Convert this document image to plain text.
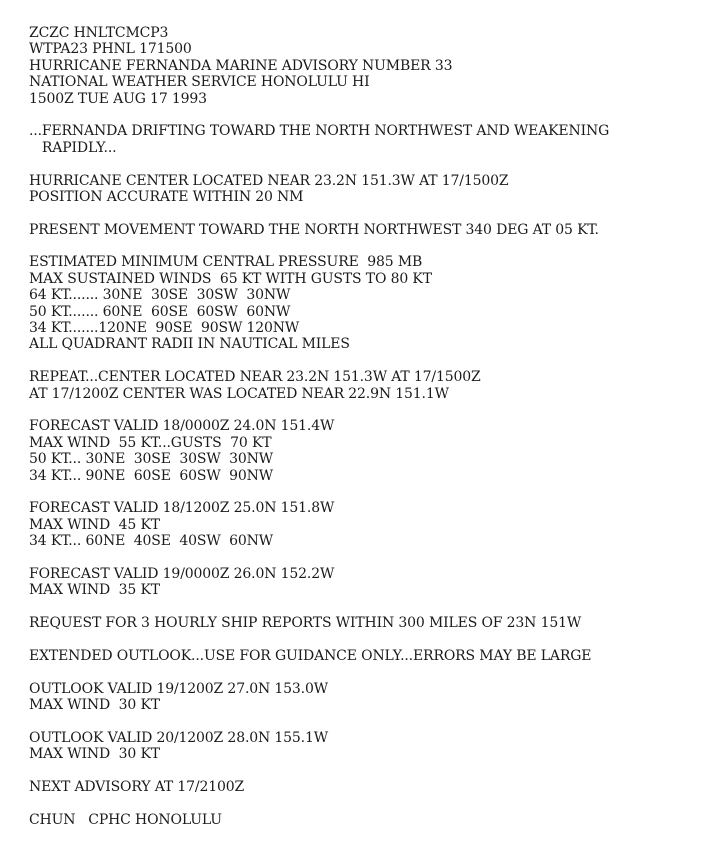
ZCZC HNLTCMCP3
WTPA23 PHNL 171500
HURRICANE FERNANDA MARINE ADVISORY NUMBER 33
NATIONAL WEATHER SERVICE HONOLULU HI
1500Z TUE AUG 17 1993
...FERNANDA DRIFTING TOWARD THE NORTH NORTHWEST AND WEAKENING
RAPIDLY...
HURRICANE CENTER LOCATED NEAR 23.2N 151.3W AT 17/1500Z
POSITION ACCURATE WITHIN 20 NM
PRESENT MOVEMENT TOWARD THE NORTH NORTHWEST 340 DEG AT 05 KT.
ESTIMATED MINIMUM CENTRAL PRESSURE  985 MB
MAX SUSTAINED WINDS  65 KT WITH GUSTS TO 80 KT
64 KT....... 30NE  30SE  30SW  30NW
50 KT....... 60NE  60SE  60SW  60NW
34 KT.......120NE  90SE  90SW 120NW
ALL QUADRANT RADII IN NAUTICAL MILES
REPEAT...CENTER LOCATED NEAR 23.2N 151.3W AT 17/1500Z
AT 17/1200Z CENTER WAS LOCATED NEAR 22.9N 151.1W
FORECAST VALID 18/0000Z 24.0N 151.4W
MAX WIND  55 KT...GUSTS  70 KT
50 KT... 30NE  30SE  30SW  30NW
34 KT... 90NE  60SE  60SW  90NW
FORECAST VALID 18/1200Z 25.0N 151.8W
MAX WIND  45 KT
34 KT... 60NE  40SE  40SW  60NW
FORECAST VALID 19/0000Z 26.0N 152.2W
MAX WIND  35 KT
REQUEST FOR 3 HOURLY SHIP REPORTS WITHIN 300 MILES OF 23N 151W
EXTENDED OUTLOOK...USE FOR GUIDANCE ONLY...ERRORS MAY BE LARGE
OUTLOOK VALID 19/1200Z 27.0N 153.0W
MAX WIND  30 KT
OUTLOOK VALID 20/1200Z 28.0N 155.1W
MAX WIND  30 KT
NEXT ADVISORY AT 17/2100Z
CHUN   CPHC HONOLULU
